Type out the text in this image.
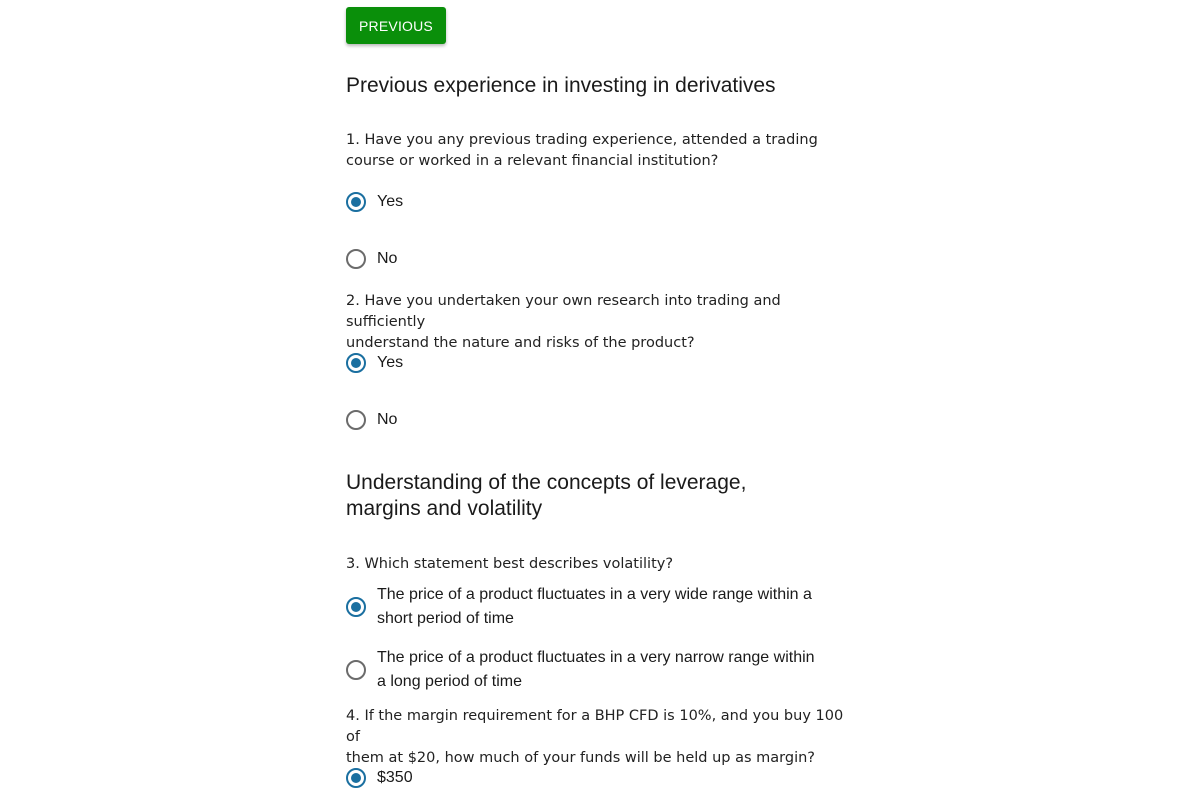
PREVIOUS
Previous experience in investing in derivatives
1. Have you any previous trading experience, attended a trading
course or worked in a relevant financial institution?
Yes
No
2. Have you undertaken your own research into trading and sufficiently
understand the nature and risks of the product?
Yes
No
Understanding of the concepts of leverage,
margins and volatility
3. Which statement best describes volatility?
The price of a product fluctuates in a very wide range within a
short period of time
The price of a product fluctuates in a very narrow range within
a long period of time
4. If the margin requirement for a BHP CFD is 10%, and you buy 100 of
them at $20, how much of your funds will be held up as margin?
$350
